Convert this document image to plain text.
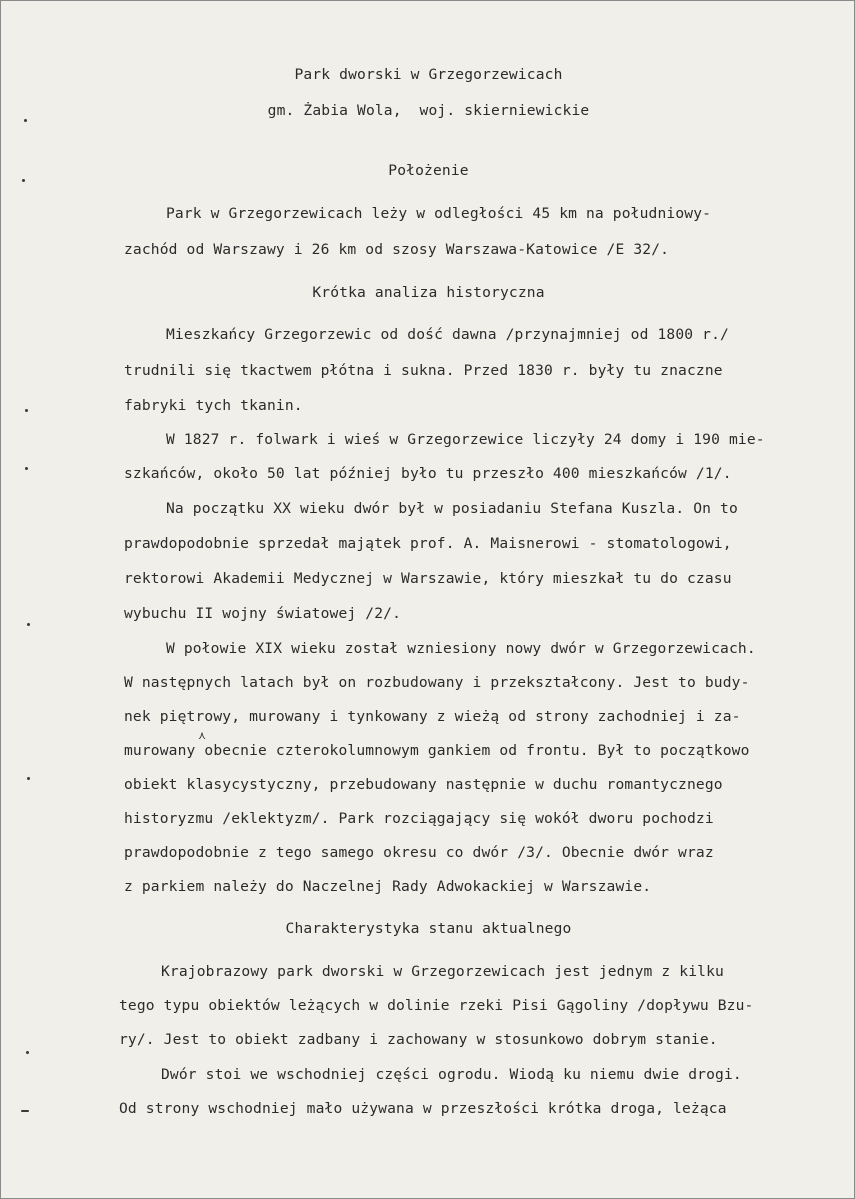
Park dworski w Grzegorzewicach
gm. Żabia Wola,  woj. skierniewickie
Położenie
Park w Grzegorzewicach leży w odległości 45 km na południowy-
zachód od Warszawy i 26 km od szosy Warszawa-Katowice /E 32/.
Krótka analiza historyczna
Mieszkańcy Grzegorzewic od dość dawna /przynajmniej od 1800 r./
trudnili się tkactwem płótna i sukna. Przed 1830 r. były tu znaczne
fabryki tych tkanin.
W 1827 r. folwark i wieś w Grzegorzewice liczyły 24 domy i 190 mie-
szkańców, około 50 lat później było tu przeszło 400 mieszkańców /1/.
Na początku XX wieku dwór był w posiadaniu Stefana Kuszla. On to
prawdopodobnie sprzedał majątek prof. A. Maisnerowi - stomatologowi,
rektorowi Akademii Medycznej w Warszawie, który mieszkał tu do czasu
wybuchu II wojny światowej /2/.
W połowie XIX wieku został wzniesiony nowy dwór w Grzegorzewicach.
W następnych latach był on rozbudowany i przekształcony. Jest to budy-
nek piętrowy, murowany i tynkowany z wieżą od strony zachodniej i za-
murowany obecnie czterokolumnowym gankiem od frontu. Był to początkowo
⋏
obiekt klasycystyczny, przebudowany następnie w duchu romantycznego
historyzmu /eklektyzm/. Park rozciągający się wokół dworu pochodzi
prawdopodobnie z tego samego okresu co dwór /3/. Obecnie dwór wraz
z parkiem należy do Naczelnej Rady Adwokackiej w Warszawie.
Charakterystyka stanu aktualnego
Krajobrazowy park dworski w Grzegorzewicach jest jednym z kilku
tego typu obiektów leżących w dolinie rzeki Pisi Gągoliny /dopływu Bzu-
ry/. Jest to obiekt zadbany i zachowany w stosunkowo dobrym stanie.
Dwór stoi we wschodniej części ogrodu. Wiodą ku niemu dwie drogi.
Od strony wschodniej mało używana w przeszłości krótka droga, leżąca
